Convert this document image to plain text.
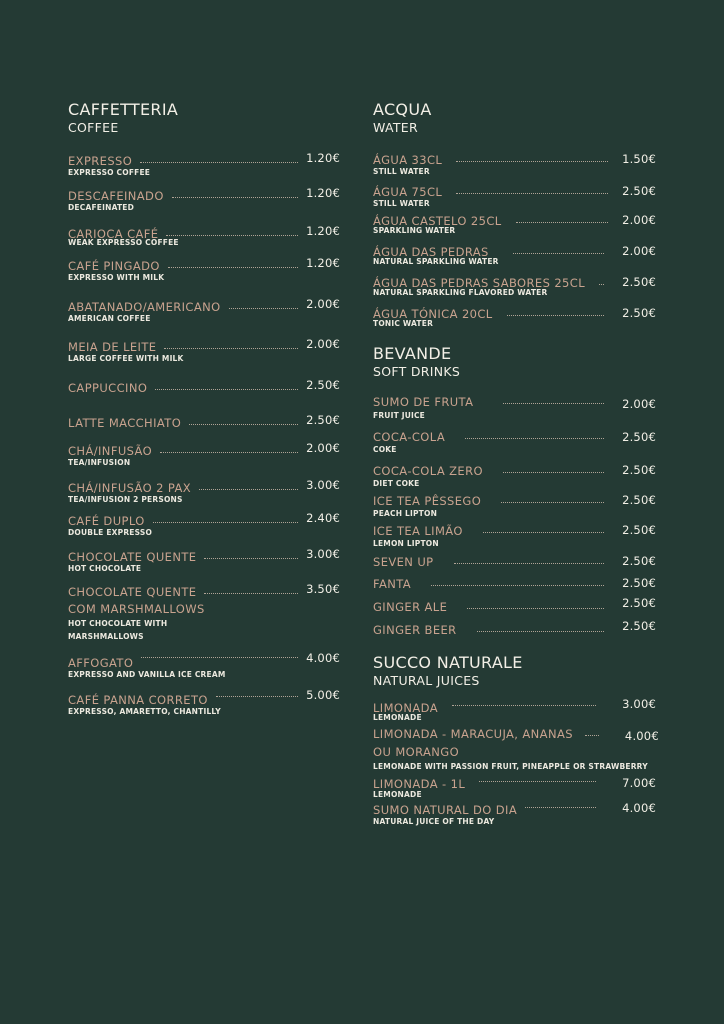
CAFFETTERIA
COFFEE
EXPRESSO	1.20€
EXPRESSO COFFEE
DESCAFEINADO	1.20€
DECAFEINATED
CARIOCA CAFÉ	1.20€
WEAK EXPRESSO COFFEE
CAFÉ PINGADO	1.20€
EXPRESSO WITH MILK
ABATANADO/AMERICANO	2.00€
AMERICAN COFFEE
MEIA DE LEITE	2.00€
LARGE COFFEE WITH MILK
CAPPUCCINO	2.50€
LATTE MACCHIATO	2.50€
CHÁ/INFUSÃO	2.00€
TEA/INFUSION
CHÁ/INFUSÃO 2 PAX	3.00€
TEA/INFUSION 2 PERSONS
CAFÉ DUPLO	2.40€
DOUBLE EXPRESSO
CHOCOLATE QUENTE	3.00€
HOT CHOCOLATE
CHOCOLATE QUENTE	3.50€
COM MARSHMALLOWS
HOT CHOCOLATE WITH
MARSHMALLOWS
AFFOGATO	4.00€
EXPRESSO AND VANILLA ICE CREAM
CAFÉ PANNA CORRETO	5.00€
EXPRESSO, AMARETTO, CHANTILLY
ACQUA
WATER
ÁGUA 33CL	1.50€
STILL WATER
ÁGUA 75CL	2.50€
STILL WATER
ÁGUA CASTELO 25CL	2.00€
SPARKLING WATER
ÁGUA DAS PEDRAS	2.00€
NATURAL SPARKLING WATER
ÁGUA DAS PEDRAS SABORES 25CL	2.50€
NATURAL SPARKLING FLAVORED WATER
ÁGUA TÓNICA 20CL	2.50€
TONIC WATER
BEVANDE
SOFT DRINKS
SUMO DE FRUTA	2.00€
FRUIT JUICE
COCA-COLA	2.50€
COKE
COCA-COLA ZERO	2.50€
DIET COKE
ICE TEA PÊSSEGO	2.50€
PEACH LIPTON
ICE TEA LIMÃO	2.50€
LEMON LIPTON
SEVEN UP	2.50€
FANTA	2.50€
GINGER ALE	2.50€
GINGER BEER	2.50€
SUCCO NATURALE
NATURAL JUICES
LIMONADA	3.00€
LEMONADE
LIMONADA - MARACUJA, ANANAS	4.00€
OU MORANGO
LEMONADE WITH PASSION FRUIT, PINEAPPLE OR STRAWBERRY
LIMONADA - 1L	7.00€
LEMONADE
SUMO NATURAL DO DIA	4.00€
NATURAL JUICE OF THE DAY
